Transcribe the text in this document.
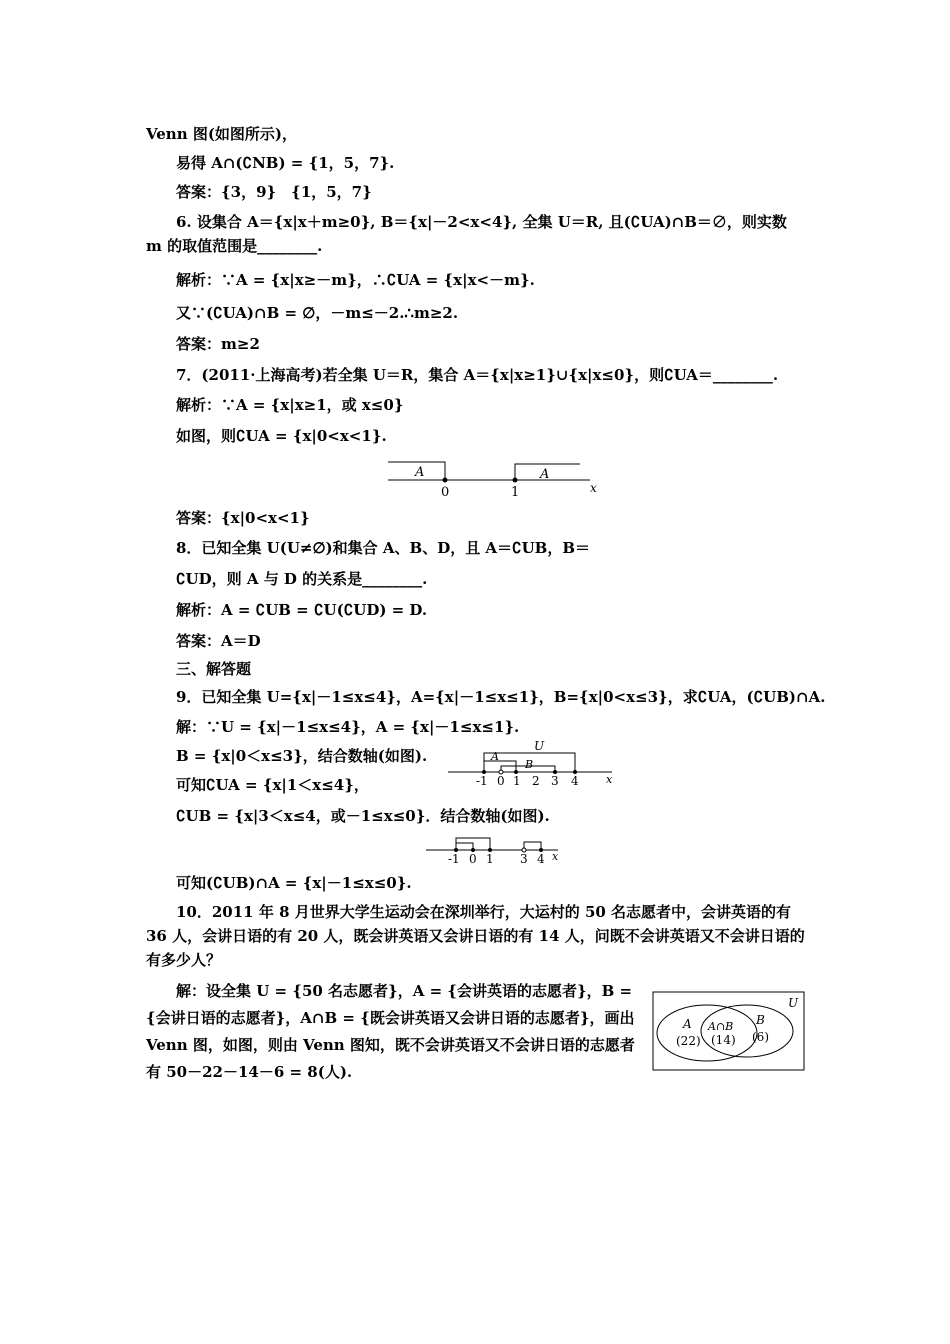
Venn 图(如图所示)，
易得 A∩(∁NB) = {1，5，7}.
答案：{3，9}　{1，5，7}
6. 设集合 A＝{x|x＋m≥0}, B＝{x|－2<x<4}, 全集 U＝R, 且(∁UA)∩B＝∅，则实数 m 的取值范围是________.
解析：∵A = {x|x≥－m}，∴∁UA = {x|x<－m}.
又∵(∁UA)∩B = ∅，－m≤－2.∴m≥2.
答案：m≥2
7．(2011·上海高考)若全集 U＝R，集合 A＝{x|x≥1}∪{x|x≤0}，则∁UA＝________.
解析：∵A = {x|x≥1，或 x≤0}
如图，则∁UA = {x|0<x<1}.
A	A
0	1	x
答案：{x|0<x<1}
8．已知全集 U(U≠∅)和集合 A、B、D，且 A＝∁UB，B＝
∁UD，则 A 与 D 的关系是________.
解析：A = ∁UB = ∁U(∁UD) = D.
答案：A＝D
三、解答题
9．已知全集 U={x|－1≤x≤4}，A={x|－1≤x≤1}，B={x|0<x≤3}，求∁UA，(∁UB)∩A.
解：∵U = {x|－1≤x≤4}，A = {x|－1≤x≤1}.
B = {x|0＜x≤3}，结合数轴(如图).
U
A
B
-1 0 1 2 3 4 x
可知∁UA = {x|1＜x≤4}，
∁UB = {x|3＜x≤4，或－1≤x≤0}．结合数轴(如图).
-1 0 1 3 4 x
可知(∁UB)∩A = {x|－1≤x≤0}.
10．2011 年 8 月世界大学生运动会在深圳举行，大运村的 50 名志愿者中，会讲英语的有 36 人，会讲日语的有 20 人，既会讲英语又会讲日语的有 14 人，问既不会讲英语又不会讲日语的有多少人？
解：设全集 U = {50 名志愿者}，A = {会讲英语的志愿者}，B = {会讲日语的志愿者}，A∩B = {既会讲英语又会讲日语的志愿者}，画出 Venn 图，如图，则由 Venn 图知，既不会讲英语又不会讲日语的志愿者有 50－22－14－6 = 8(人).
U
A
(22)
A∩B
(14)
B
(6)
